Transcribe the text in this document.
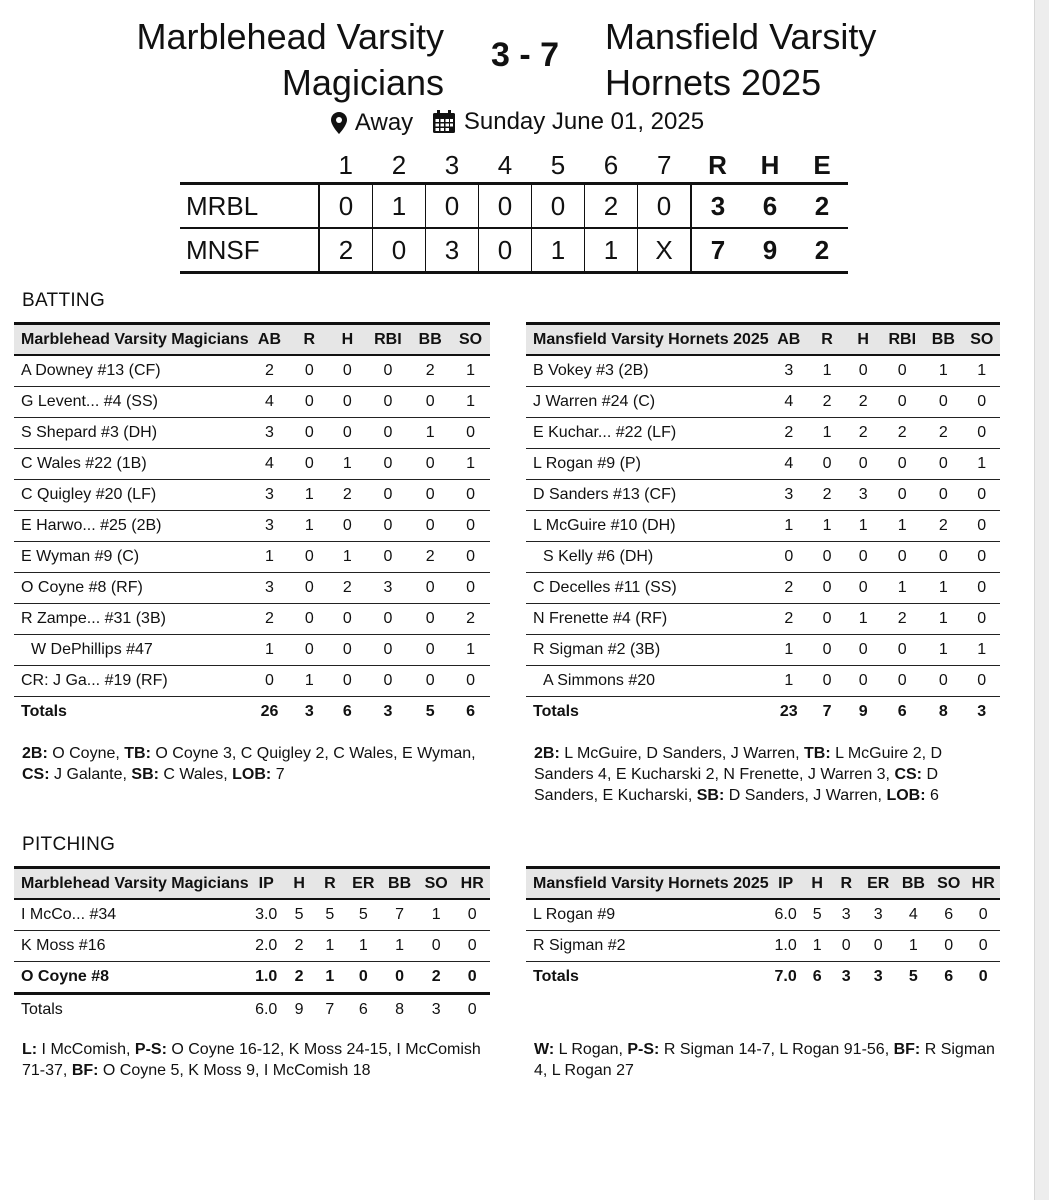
Marblehead Varsity
Magicians
3 - 7	Mansfield Varsity
Hornets 2025
Away
Sunday June 01, 2025
	1	2	3	4	5	6	7	R	H	E
MRBL	0	1	0	0	0	2	0	3	6	2
MNSF	2	0	3	0	1	1	X	7	9	2
BATTING
Marblehead Varsity Magicians	AB	R	H	RBI	BB	SO
A Downey #13 (CF)	2	0	0	0	2	1
G Levent... #4 (SS)	4	0	0	0	0	1
S Shepard #3 (DH)	3	0	0	0	1	0
C Wales #22 (1B)	4	0	1	0	0	1
C Quigley #20 (LF)	3	1	2	0	0	0
E Harwo... #25 (2B)	3	1	0	0	0	0
E Wyman #9 (C)	1	0	1	0	2	0
O Coyne #8 (RF)	3	0	2	3	0	0
R Zampe... #31 (3B)	2	0	0	0	0	2
W DePhillips #47	1	0	0	0	0	1
CR: J Ga... #19 (RF)	0	1	0	0	0	0
Totals	26	3	6	3	5	6
Mansfield Varsity Hornets 2025	AB	R	H	RBI	BB	SO
B Vokey #3 (2B)	3	1	0	0	1	1
J Warren #24 (C)	4	2	2	0	0	0
E Kuchar... #22 (LF)	2	1	2	2	2	0
L Rogan #9 (P)	4	0	0	0	0	1
D Sanders #13 (CF)	3	2	3	0	0	0
L McGuire #10 (DH)	1	1	1	1	2	0
S Kelly #6 (DH)	0	0	0	0	0	0
C Decelles #11 (SS)	2	0	0	1	1	0
N Frenette #4 (RF)	2	0	1	2	1	0
R Sigman #2 (3B)	1	0	0	0	1	1
A Simmons #20	1	0	0	0	0	0
Totals	23	7	9	6	8	3
2B: O Coyne, TB: O Coyne 3, C Quigley 2, C Wales, E Wyman, CS: J Galante, SB: C Wales, LOB: 7
2B: L McGuire, D Sanders, J Warren, TB: L McGuire 2, D Sanders 4, E Kucharski 2, N Frenette, J Warren 3, CS: D Sanders, E Kucharski, SB: D Sanders, J Warren, LOB: 6
PITCHING
Marblehead Varsity Magicians	IP	H	R	ER	BB	SO	HR
I McCo... #34	3.0	5	5	5	7	1	0
K Moss #16	2.0	2	1	1	1	0	0
O Coyne #8	1.0	2	1	0	0	2	0
Totals	6.0	9	7	6	8	3	0
Mansfield Varsity Hornets 2025	IP	H	R	ER	BB	SO	HR
L Rogan #9	6.0	5	3	3	4	6	0
R Sigman #2	1.0	1	0	0	1	0	0
Totals	7.0	6	3	3	5	6	0
L: I McComish, P-S: O Coyne 16-12, K Moss 24-15, I McComish 71-37, BF: O Coyne 5, K Moss 9, I McComish 18
W: L Rogan, P-S: R Sigman 14-7, L Rogan 91-56, BF: R Sigman 4, L Rogan 27
